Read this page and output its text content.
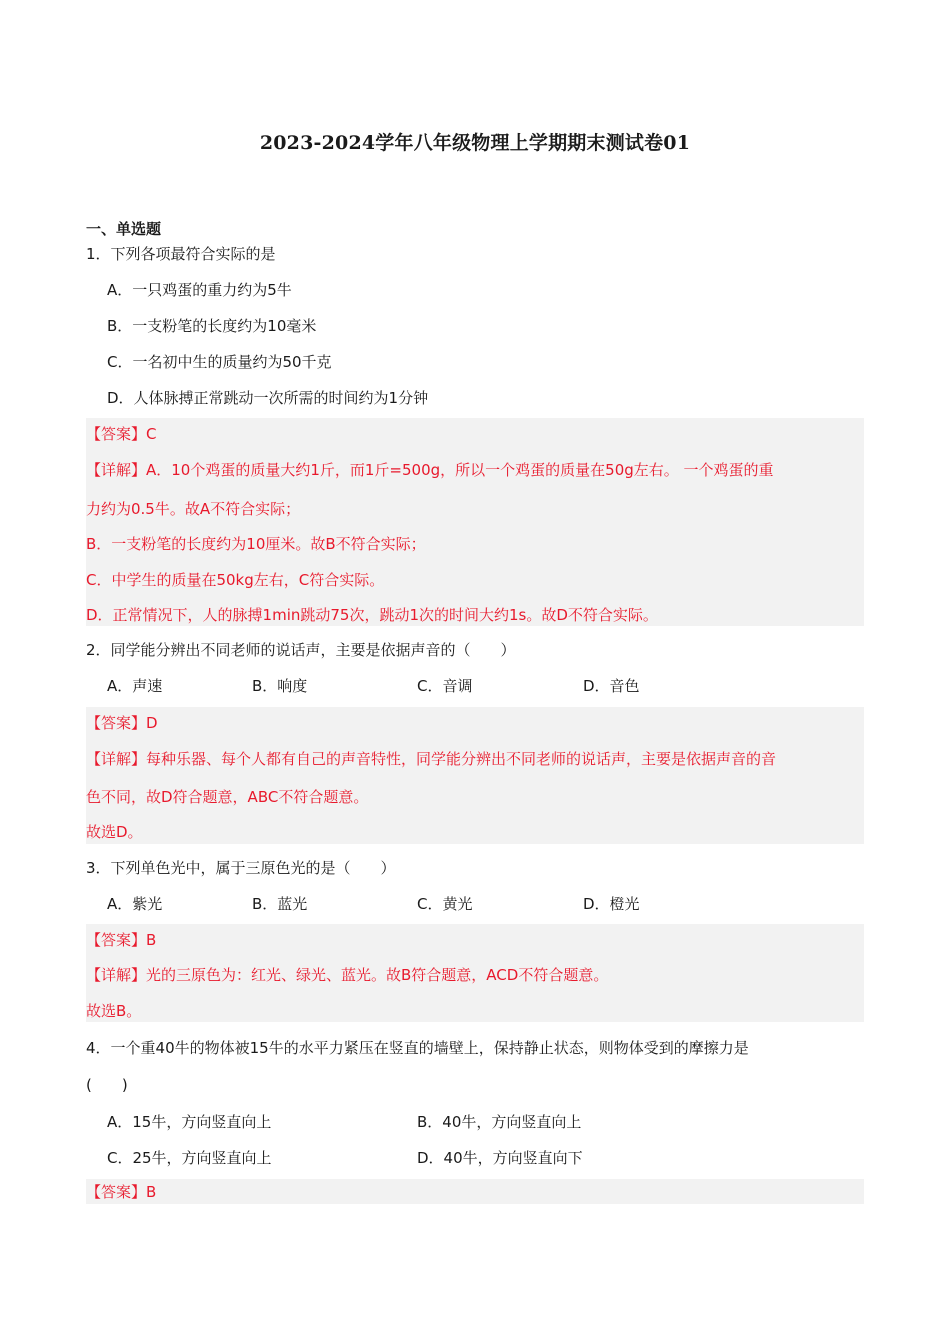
2023-2024学年八年级物理上学期期末测试卷01
一、单选题
1．下列各项最符合实际的是
A．一只鸡蛋的重力约为5牛
B．一支粉笔的长度约为10毫米
C．一名初中生的质量约为50千克
D．人体脉搏正常跳动一次所需的时间约为1分钟
【答案】C
【详解】A．10个鸡蛋的质量大约1斤，而1斤=500g，所以一个鸡蛋的质量在50g左右。 一个鸡蛋的重
力约为0.5牛。故A不符合实际；
B．一支粉笔的长度约为10厘米。故B不符合实际；
C．中学生的质量在50kg左右，C符合实际。
D．正常情况下，人的脉搏1min跳动75次，跳动1次的时间大约1s。故D不符合实际。
2．同学能分辨出不同老师的说话声，主要是依据声音的（　　）
A．声速	B．响度	C．音调	D．音色
【答案】D
【详解】每种乐器、每个人都有自己的声音特性，同学能分辨出不同老师的说话声，主要是依据声音的音
色不同，故D符合题意，ABC不符合题意。
故选D。
3．下列单色光中，属于三原色光的是（　　）
A．紫光	B．蓝光	C．黄光	D．橙光
【答案】B
【详解】光的三原色为：红光、绿光、蓝光。故B符合题意，ACD不符合题意。
故选B。
4．一个重40牛的物体被15牛的水平力紧压在竖直的墙壁上，保持静止状态，则物体受到的摩擦力是
(　　)
A．15牛，方向竖直向上	B．40牛，方向竖直向上
C．25牛，方向竖直向上	D．40牛，方向竖直向下
【答案】B
